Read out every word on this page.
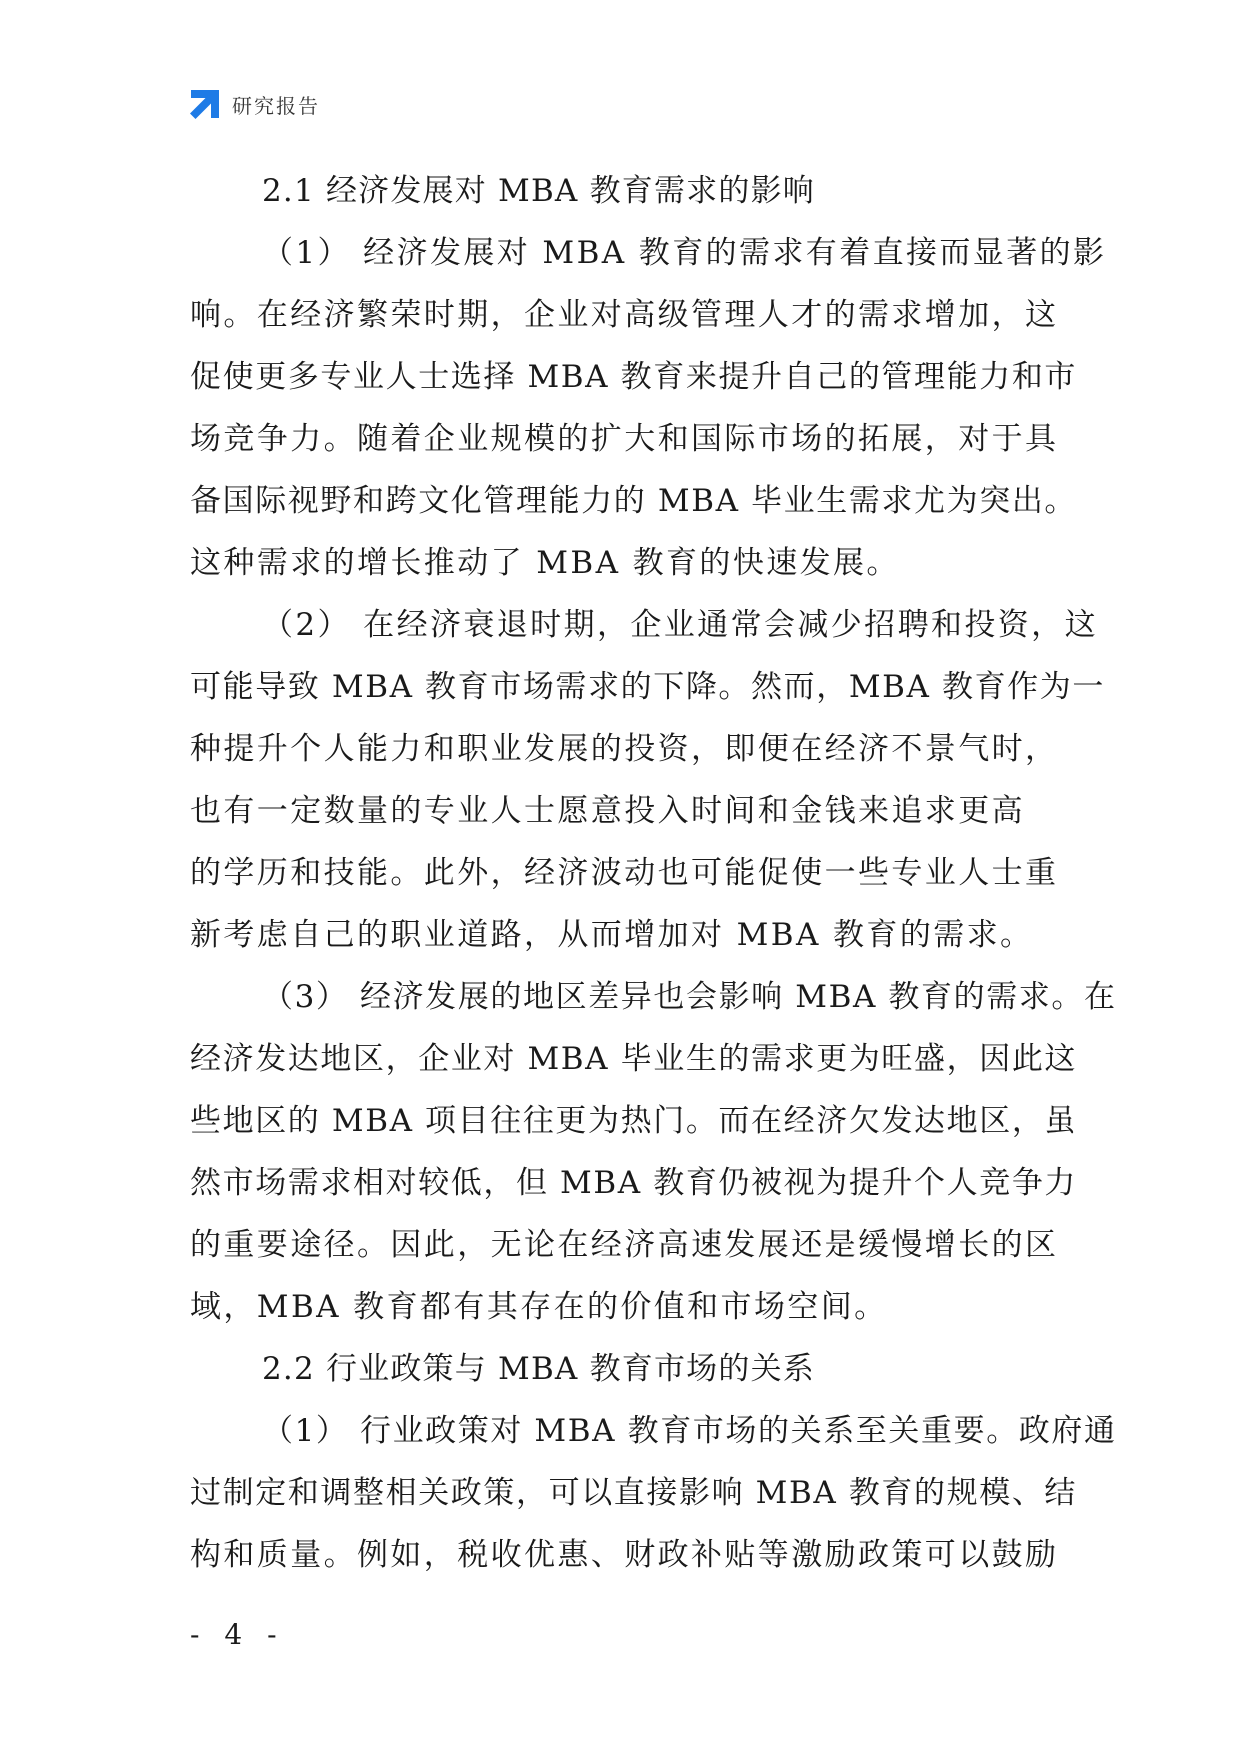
研究报告
2.1 经济发展对 MBA 教育需求的影响
（1） 经济发展对 MBA 教育的需求有着直接而显著的影
响。在经济繁荣时期，企业对高级管理人才的需求增加，这
促使更多专业人士选择 MBA 教育来提升自己的管理能力和市
场竞争力。随着企业规模的扩大和国际市场的拓展，对于具
备国际视野和跨文化管理能力的 MBA 毕业生需求尤为突出。
这种需求的增长推动了 MBA 教育的快速发展。
（2） 在经济衰退时期，企业通常会减少招聘和投资，这
可能导致 MBA 教育市场需求的下降。然而，MBA 教育作为一
种提升个人能力和职业发展的投资，即便在经济不景气时，
也有一定数量的专业人士愿意投入时间和金钱来追求更高
的学历和技能。此外，经济波动也可能促使一些专业人士重
新考虑自己的职业道路，从而增加对 MBA 教育的需求。
（3） 经济发展的地区差异也会影响 MBA 教育的需求。在
经济发达地区，企业对 MBA 毕业生的需求更为旺盛，因此这
些地区的 MBA 项目往往更为热门。而在经济欠发达地区，虽
然市场需求相对较低，但 MBA 教育仍被视为提升个人竞争力
的重要途径。因此，无论在经济高速发展还是缓慢增长的区
域，MBA 教育都有其存在的价值和市场空间。
2.2 行业政策与 MBA 教育市场的关系
（1） 行业政策对 MBA 教育市场的关系至关重要。政府通
过制定和调整相关政策，可以直接影响 MBA 教育的规模、结
构和质量。例如，税收优惠、财政补贴等激励政策可以鼓励
- 4 -
